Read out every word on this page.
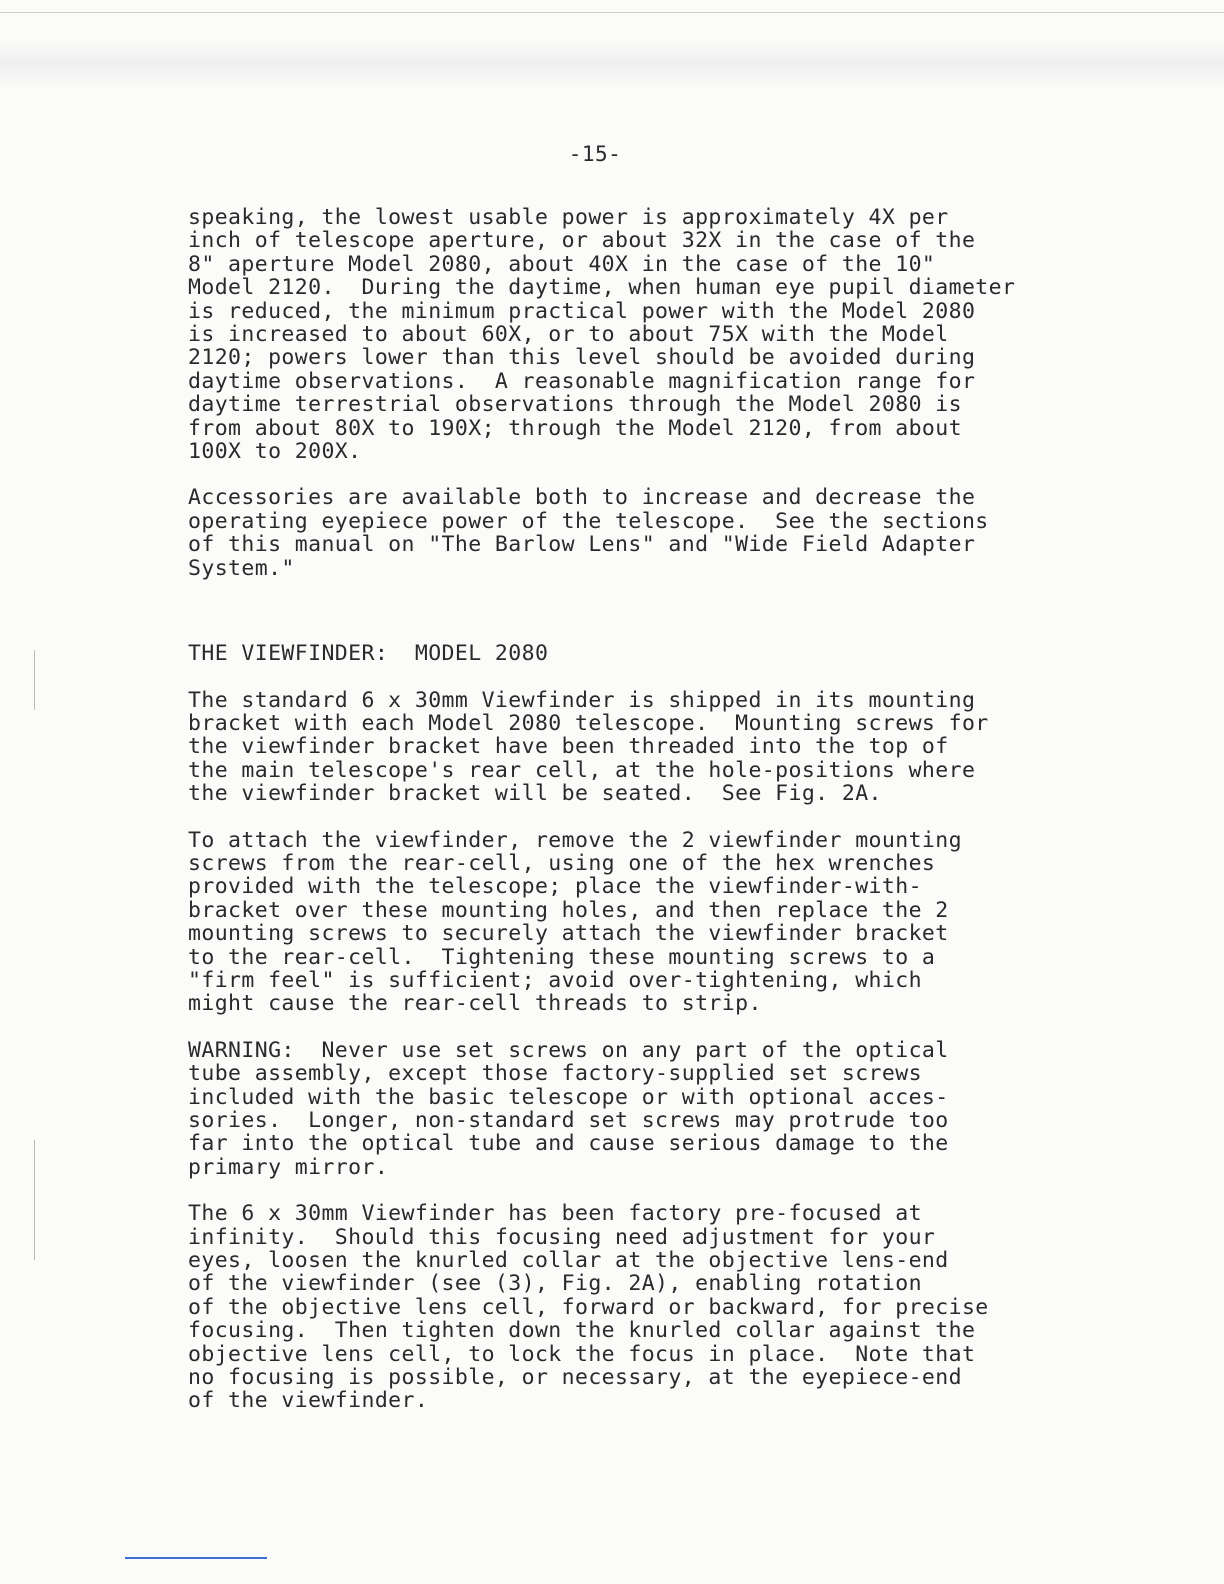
-15-

speaking, the lowest usable power is approximately 4X per

inch of telescope aperture, or about 32X in the case of the

8" aperture Model 2080, about 40X in the case of the 10"

Model 2120.  During the daytime, when human eye pupil diameter

is reduced, the minimum practical power with the Model 2080

is increased to about 60X, or to about 75X with the Model

2120; powers lower than this level should be avoided during

daytime observations.  A reasonable magnification range for

daytime terrestrial observations through the Model 2080 is

from about 80X to 190X; through the Model 2120, from about

100X to 200X.

Accessories are available both to increase and decrease the

operating eyepiece power of the telescope.  See the sections

of this manual on "The Barlow Lens" and "Wide Field Adapter

System."

THE VIEWFINDER:  MODEL 2080

The standard 6 x 30mm Viewfinder is shipped in its mounting

bracket with each Model 2080 telescope.  Mounting screws for

the viewfinder bracket have been threaded into the top of

the main telescope's rear cell, at the hole-positions where

the viewfinder bracket will be seated.  See Fig. 2A.

To attach the viewfinder, remove the 2 viewfinder mounting

screws from the rear-cell, using one of the hex wrenches

provided with the telescope; place the viewfinder-with-

bracket over these mounting holes, and then replace the 2

mounting screws to securely attach the viewfinder bracket

to the rear-cell.  Tightening these mounting screws to a

"firm feel" is sufficient; avoid over-tightening, which

might cause the rear-cell threads to strip.

WARNING:  Never use set screws on any part of the optical

tube assembly, except those factory-supplied set screws

included with the basic telescope or with optional acces-

sories.  Longer, non-standard set screws may protrude too

far into the optical tube and cause serious damage to the

primary mirror.

The 6 x 30mm Viewfinder has been factory pre-focused at

infinity.  Should this focusing need adjustment for your

eyes, loosen the knurled collar at the objective lens-end

of the viewfinder (see (3), Fig. 2A), enabling rotation

of the objective lens cell, forward or backward, for precise

focusing.  Then tighten down the knurled collar against the

objective lens cell, to lock the focus in place.  Note that

no focusing is possible, or necessary, at the eyepiece-end

of the viewfinder.
